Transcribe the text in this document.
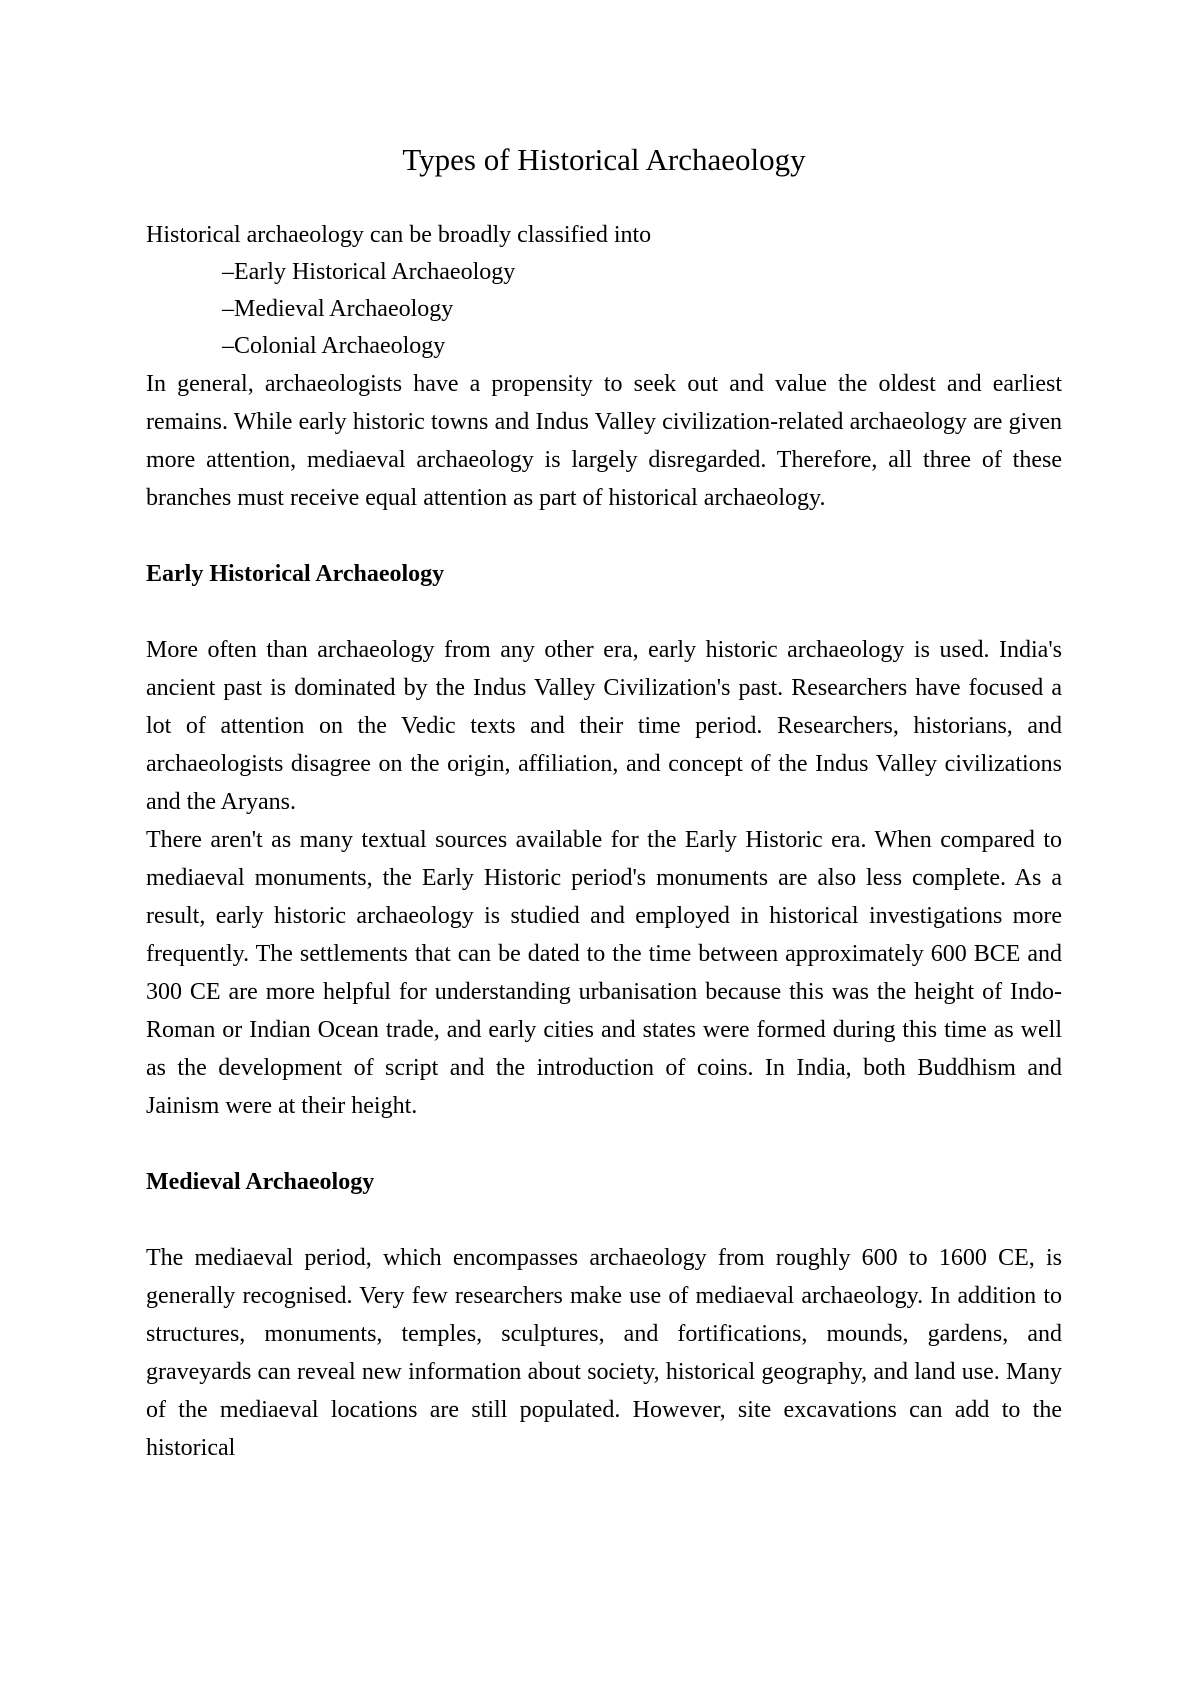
Types of Historical Archaeology

Historical archaeology can be broadly classified into

–Early Historical Archaeology
–Medieval Archaeology
–Colonial Archaeology

In general, archaeologists have a propensity to seek out and value the oldest and earliest remains. While early historic towns and Indus Valley civilization-related archaeology are given more attention, mediaeval archaeology is largely disregarded. Therefore, all three of these branches must receive equal attention as part of historical archaeology.

Early Historical Archaeology

More often than archaeology from any other era, early historic archaeology is used. India's ancient past is dominated by the Indus Valley Civilization's past. Researchers have focused a lot of attention on the Vedic texts and their time period. Researchers, historians, and archaeologists disagree on the origin, affiliation, and concept of the Indus Valley civilizations and the Aryans.

There aren't as many textual sources available for the Early Historic era. When compared to mediaeval monuments, the Early Historic period's monuments are also less complete. As a result, early historic archaeology is studied and employed in historical investigations more frequently. The settlements that can be dated to the time between approximately 600 BCE and 300 CE are more helpful for understanding urbanisation because this was the height of Indo-Roman or Indian Ocean trade, and early cities and states were formed during this time as well as the development of script and the introduction of coins. In India, both Buddhism and Jainism were at their height.

Medieval Archaeology

The mediaeval period, which encompasses archaeology from roughly 600 to 1600 CE, is generally recognised. Very few researchers make use of mediaeval archaeology. In addition to structures, monuments, temples, sculptures, and fortifications, mounds, gardens, and graveyards can reveal new information about society, historical geography, and land use. Many of the mediaeval locations are still populated. However, site excavations can add to the historical
